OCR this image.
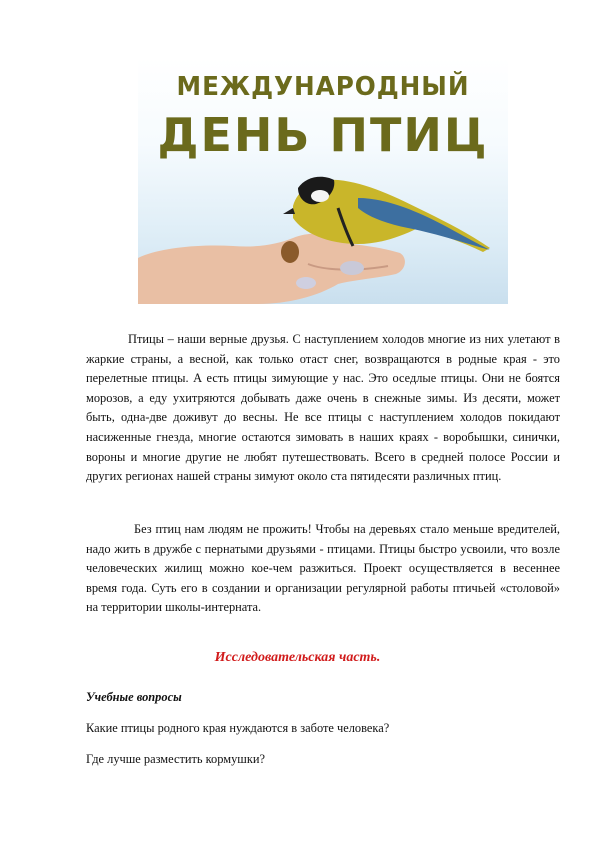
МЕЖДУНАРОДНЫЙ
ДЕНЬ ПТИЦ

Птицы – наши верные друзья. С наступлением холодов многие из них улетают в жаркие страны, а весной, как только отаст снег, возвращаются в родные края - это перелетные птицы. А есть птицы зимующие у нас. Это оседлые птицы. Они не боятся морозов, а еду ухитряются добывать даже очень в снежные зимы. Из десяти, может быть, одна-две доживут до весны. Не все птицы с наступлением холодов покидают насиженные гнезда, многие остаются зимовать в наших краях - воробышки, синички, вороны и многие другие не любят путешествовать. Всего в средней полосе России и других регионах нашей страны зимуют около ста пятидесяти различных птиц.

Без птиц нам людям не прожить! Чтобы на деревьях стало меньше вредителей, надо жить в дружбе с пернатыми друзьями - птицами. Птицы быстро усвоили, что возле человеческих жилищ можно кое-чем разжиться. Проект осуществляется в весеннее время года. Суть его в создании и организации регулярной работы птичьей «столовой» на территории школы-интерната.

Исследовательская часть.
Учебные вопросы
Какие птицы родного края нуждаются в заботе человека?
Где лучше разместить кормушки?
